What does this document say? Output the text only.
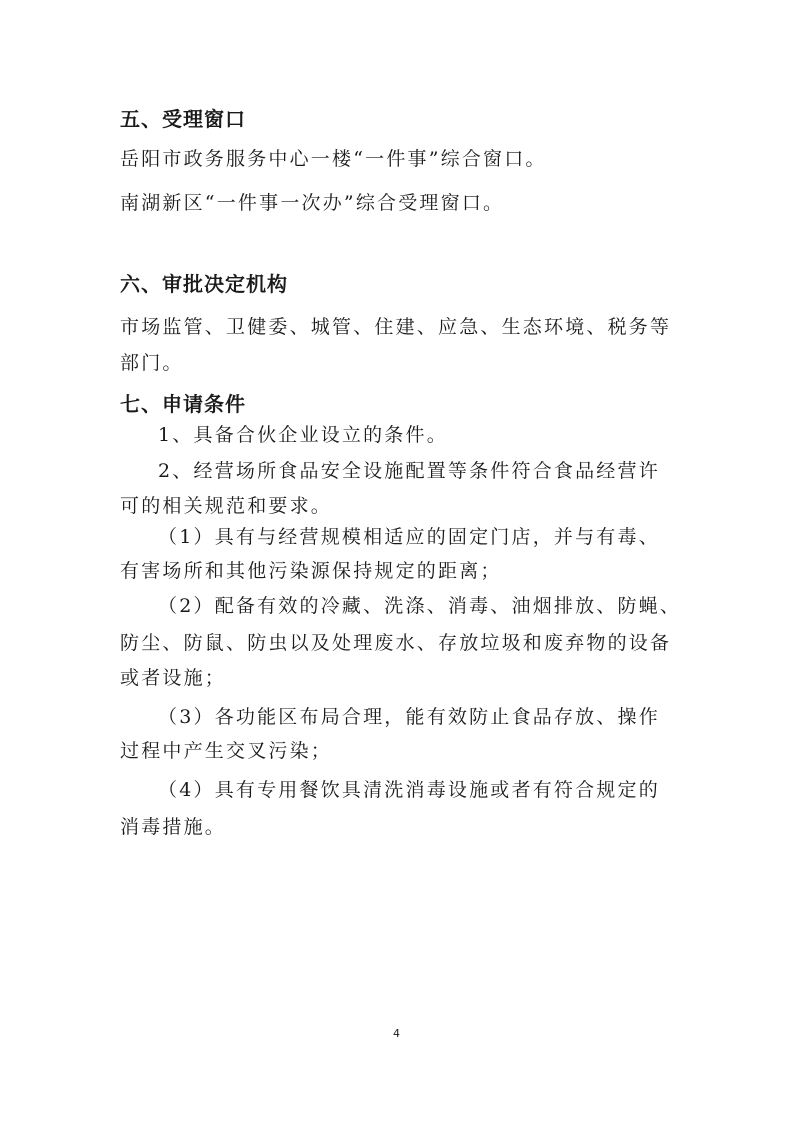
五、受理窗口

岳阳市政务服务中心一楼“一件事”综合窗口。

南湖新区“一件事一次办”综合受理窗口。

六、审批决定机构

市场监管、卫健委、城管、住建、应急、生态环境、税务等

部门。

七、申请条件

1、具备合伙企业设立的条件。

2、经营场所食品安全设施配置等条件符合食品经营许

可的相关规范和要求。

（1）具有与经营规模相适应的固定门店，并与有毒、

有害场所和其他污染源保持规定的距离；

（2）配备有效的冷藏、洗涤、消毒、油烟排放、防蝇、

防尘、防鼠、防虫以及处理废水、存放垃圾和废弃物的设备

或者设施；

（3）各功能区布局合理，能有效防止食品存放、操作

过程中产生交叉污染；

（4）具有专用餐饮具清洗消毒设施或者有符合规定的

消毒措施。

4
